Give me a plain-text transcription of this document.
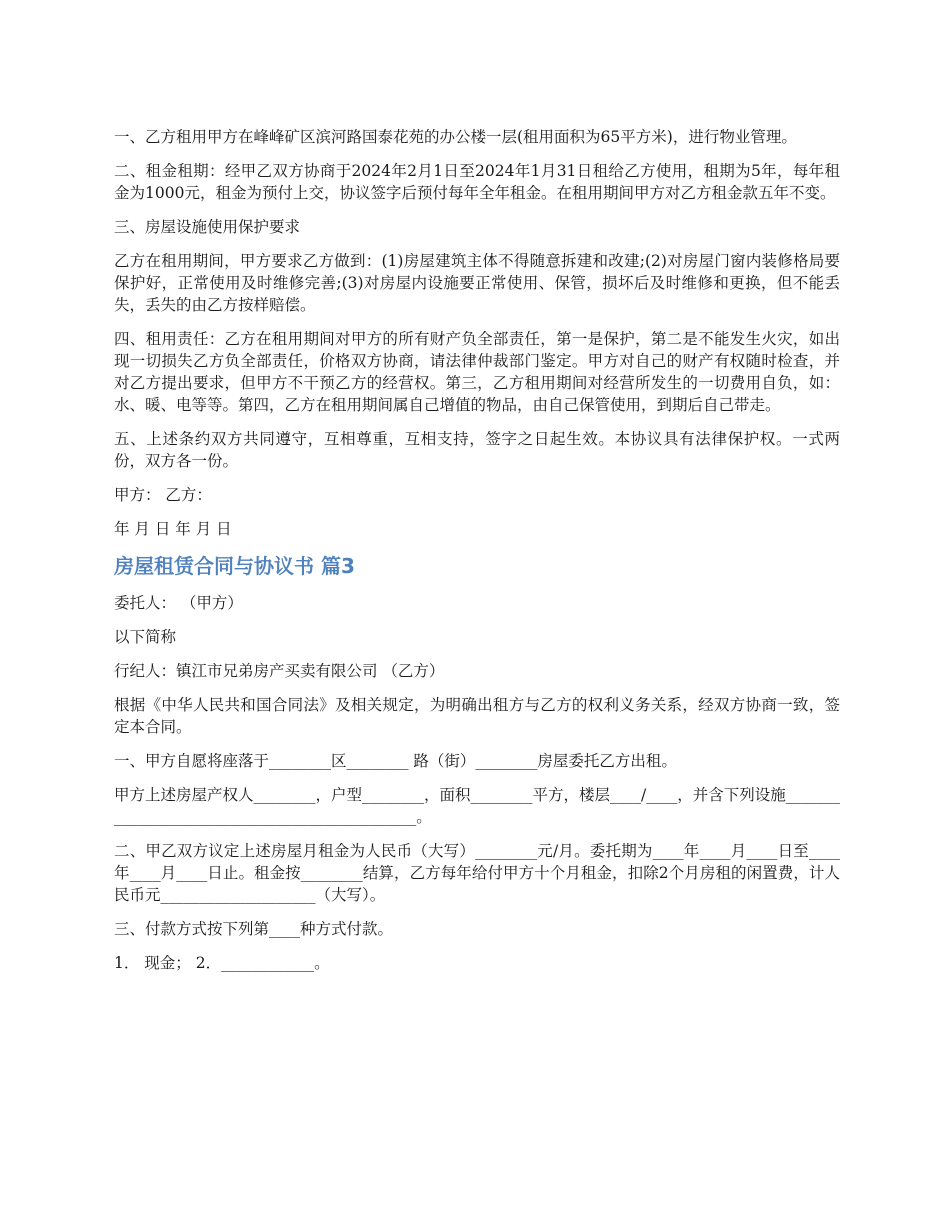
一、乙方租用甲方在峰峰矿区滨河路国泰花苑的办公楼一层(租用面积为65平方米)，进行物业管理。

二、租金租期：经甲乙双方协商于2024年2月1日至2024年1月31日租给乙方使用，租期为5年，每年租金为1000元，租金为预付上交，协议签字后预付每年全年租金。在租用期间甲方对乙方租金款五年不变。

三、房屋设施使用保护要求

乙方在租用期间，甲方要求乙方做到：(1)房屋建筑主体不得随意拆建和改建;(2)对房屋门窗内装修格局要保护好，正常使用及时维修完善;(3)对房屋内设施要正常使用、保管，损坏后及时维修和更换，但不能丢失，丢失的由乙方按样赔偿。

四、租用责任：乙方在租用期间对甲方的所有财产负全部责任，第一是保护，第二是不能发生火灾，如出现一切损失乙方负全部责任，价格双方协商，请法律仲裁部门鉴定。甲方对自己的财产有权随时检查，并对乙方提出要求，但甲方不干预乙方的经营权。第三，乙方租用期间对经营所发生的一切费用自负，如：水、暖、电等等。第四，乙方在租用期间属自己增值的物品，由自己保管使用，到期后自己带走。

五、上述条约双方共同遵守，互相尊重，互相支持，签字之日起生效。本协议具有法律保护权。一式两份，双方各一份。

甲方： 乙方：

年 月 日 年 月 日

房屋租赁合同与协议书 篇3

委托人： （甲方）

以下简称

行纪人：镇江市兄弟房产买卖有限公司 （乙方）

根据《中华人民共和国合同法》及相关规定，为明确出租方与乙方的权利义务关系，经双方协商一致，签定本合同。

一、甲方自愿将座落于________区________ 路（街）________房屋委托乙方出租。

甲方上述房屋产权人________，户型________，面积________平方，楼层____/____，并含下列设施______________________________________________。

二、甲乙双方议定上述房屋月租金为人民币（大写）________元/月。委托期为____年____月____日至____年____月____日止。租金按________结算，乙方每年给付甲方十个月租金，扣除2个月房租的闲置费，计人民币元____________________（大写）。

三、付款方式按下列第____种方式付款。

1． 现金； 2．____________。
